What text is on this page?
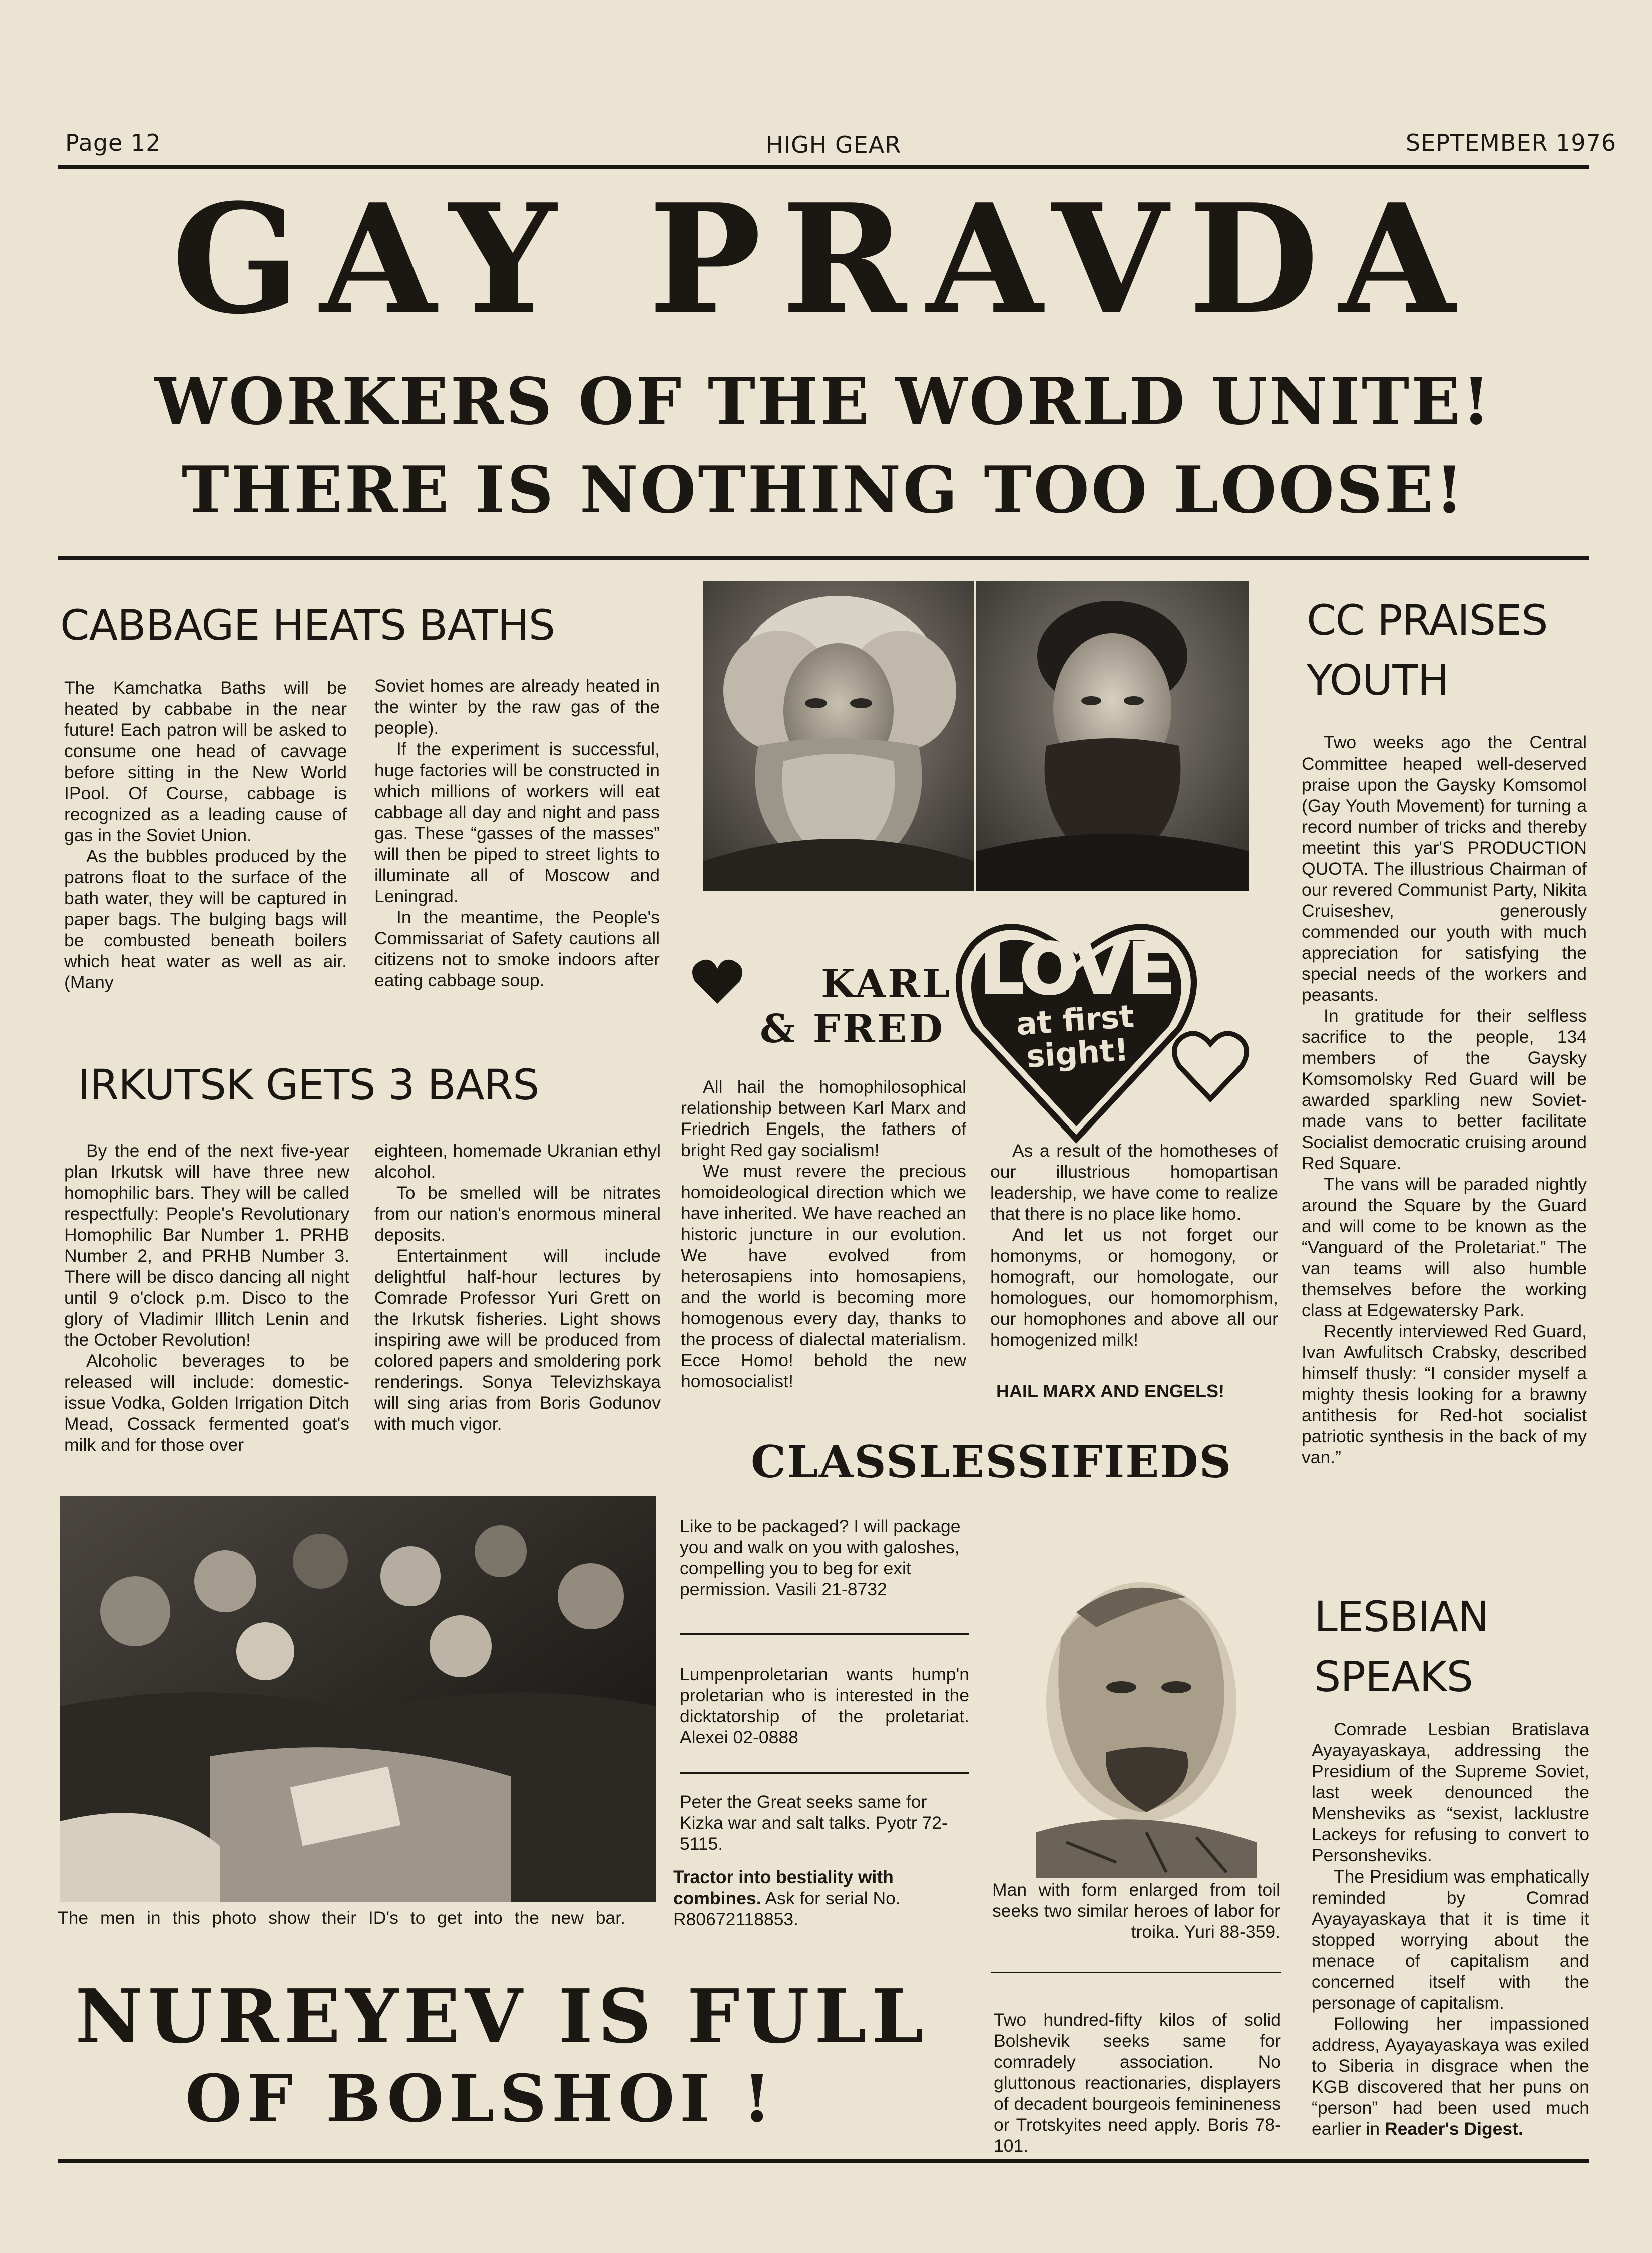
Page 12	HIGH GEAR	SEPTEMBER 1976
GAY PRAVDA
WORKERS OF THE WORLD UNITE!
THERE IS NOTHING TOO LOOSE!
CABBAGE HEATS BATHS

The Kamchatka Baths will be heated by cabbabe in the near future! Each patron will be asked to consume one head of cavvage before sitting in the New World IPool. Of Course, cabbage is recognized as a leading cause of gas in the Soviet Union.

As the bubbles produced by the patrons float to the surface of the bath water, they will be captured in paper bags. The bulging bags will be combusted beneath boilers which heat water as well as air. (Many

Soviet homes are already heated in the winter by the raw gas of the people).

If the experiment is successful, huge factories will be constructed in which millions of workers will eat cabbage all day and night and pass gas. These “gasses of the masses” will then be piped to street lights to illuminate all of Moscow and Leningrad.

In the meantime, the People's Commissariat of Safety cautions all citizens not to smoke indoors after eating cabbage soup.

IRKUTSK GETS 3 BARS

By the end of the next five-year plan Irkutsk will have three new homophilic bars. They will be called respectfully: People's Revolutionary Homophilic Bar Number 1. PRHB Number 2, and PRHB Number 3. There will be disco dancing all night until 9 o'clock p.m. Disco to the glory of Vladimir Illitch Lenin and the October Revolution!

Alcoholic beverages to be released will include: domestic-issue Vodka, Golden Irrigation Ditch Mead, Cossack fermented goat's milk and for those over

eighteen, homemade Ukranian ethyl alcohol.

To be smelled will be nitrates from our nation's enormous mineral deposits.

Entertainment will include delightful half-hour lectures by Comrade Professor Yuri Grett on the Irkutsk fisheries. Light shows inspiring awe will be produced from colored papers and smoldering pork renderings. Sonya Televizhskaya will sing arias from Boris Godunov with much vigor.

KARL
& FRED
LOVE
at first sight!

All hail the homophilosophical relationship between Karl Marx and Friedrich Engels, the fathers of bright Red gay socialism!

We must revere the precious homoideological direction which we have inherited. We have reached an historic juncture in our evolution. We have evolved from heterosapiens into homosapiens, and the world is becoming more homogenous every day, thanks to the process of dialectal materialism. Ecce Homo! behold the new homosocialist!

As a result of the homotheses of our illustrious homopartisan leadership, we have come to realize that there is no place like homo.

And let us not forget our homonyms, or homogony, or homograft, our homologate, our homologues, our homomorphism, our homophones and above all our homogenized milk!

HAIL MARX AND ENGELS!
CC PRAISES
YOUTH

Two weeks ago the Central Committee heaped well-deserved praise upon the Gaysky Komsomol (Gay Youth Movement) for turning a record number of tricks and thereby meetint this yar'S PRODUCTION QUOTA. The illustrious Chairman of our revered Communist Party, Nikita Cruiseshev, generously commended our youth with much appreciation for satisfying the special needs of the workers and peasants.

In gratitude for their selfless sacrifice to the people, 134 members of the Gaysky Komsomolsky Red Guard will be awarded sparkling new Soviet-made vans to better facilitate Socialist democratic cruising around Red Square.

The vans will be paraded nightly around the Square by the Guard and will come to be known as the “Vanguard of the Proletariat.” The van teams will also humble themselves before the working class at Edgewatersky Park.

Recently interviewed Red Guard, Ivan Awfulitsch Crabsky, described himself thusly: “I consider myself a mighty thesis looking for a brawny antithesis for Red-hot socialist patriotic synthesis in the back of my van.”

CLASSLESSIFIEDS
Like to be packaged? I will package you and walk on you with galoshes, compelling you to beg for exit permission. Vasili 21-8732
Lumpenproletarian wants hump'n proletarian who is interested in the dicktatorship of the proletariat. Alexei 02-0888
Peter the Great seeks same for Kizka war and salt talks. Pyotr 72-5115.
Tractor into bestiality with combines. Ask for serial No. R80672118853.
Man with form enlarged from toil seeks two similar heroes of labor for troika. Yuri 88-359.
Two hundred-fifty kilos of solid Bolshevik seeks same for comradely association. No gluttonous reactionaries, displayers of decadent bourgeois feminineness or Trotskyites need apply. Boris 78-101.
The men in this photo show their ID's to get into the new bar.
NUREYEV IS FULL
OF BOLSHOI !
LESBIAN
SPEAKS

Comrade Lesbian Bratislava Ayayayaskaya, addressing the Presidium of the Supreme Soviet, last week denounced the Mensheviks as “sexist, lacklustre Lackeys for refusing to convert to Personsheviks.

The Presidium was emphatically reminded by Comrad Ayayayaskaya that it is time it stopped worrying about the menace of capitalism and concerned itself with the personage of capitalism.

Following her impassioned address, Ayayayaskaya was exiled to Siberia in disgrace when the KGB discovered that her puns on “person” had been used much earlier in Reader's Digest.
